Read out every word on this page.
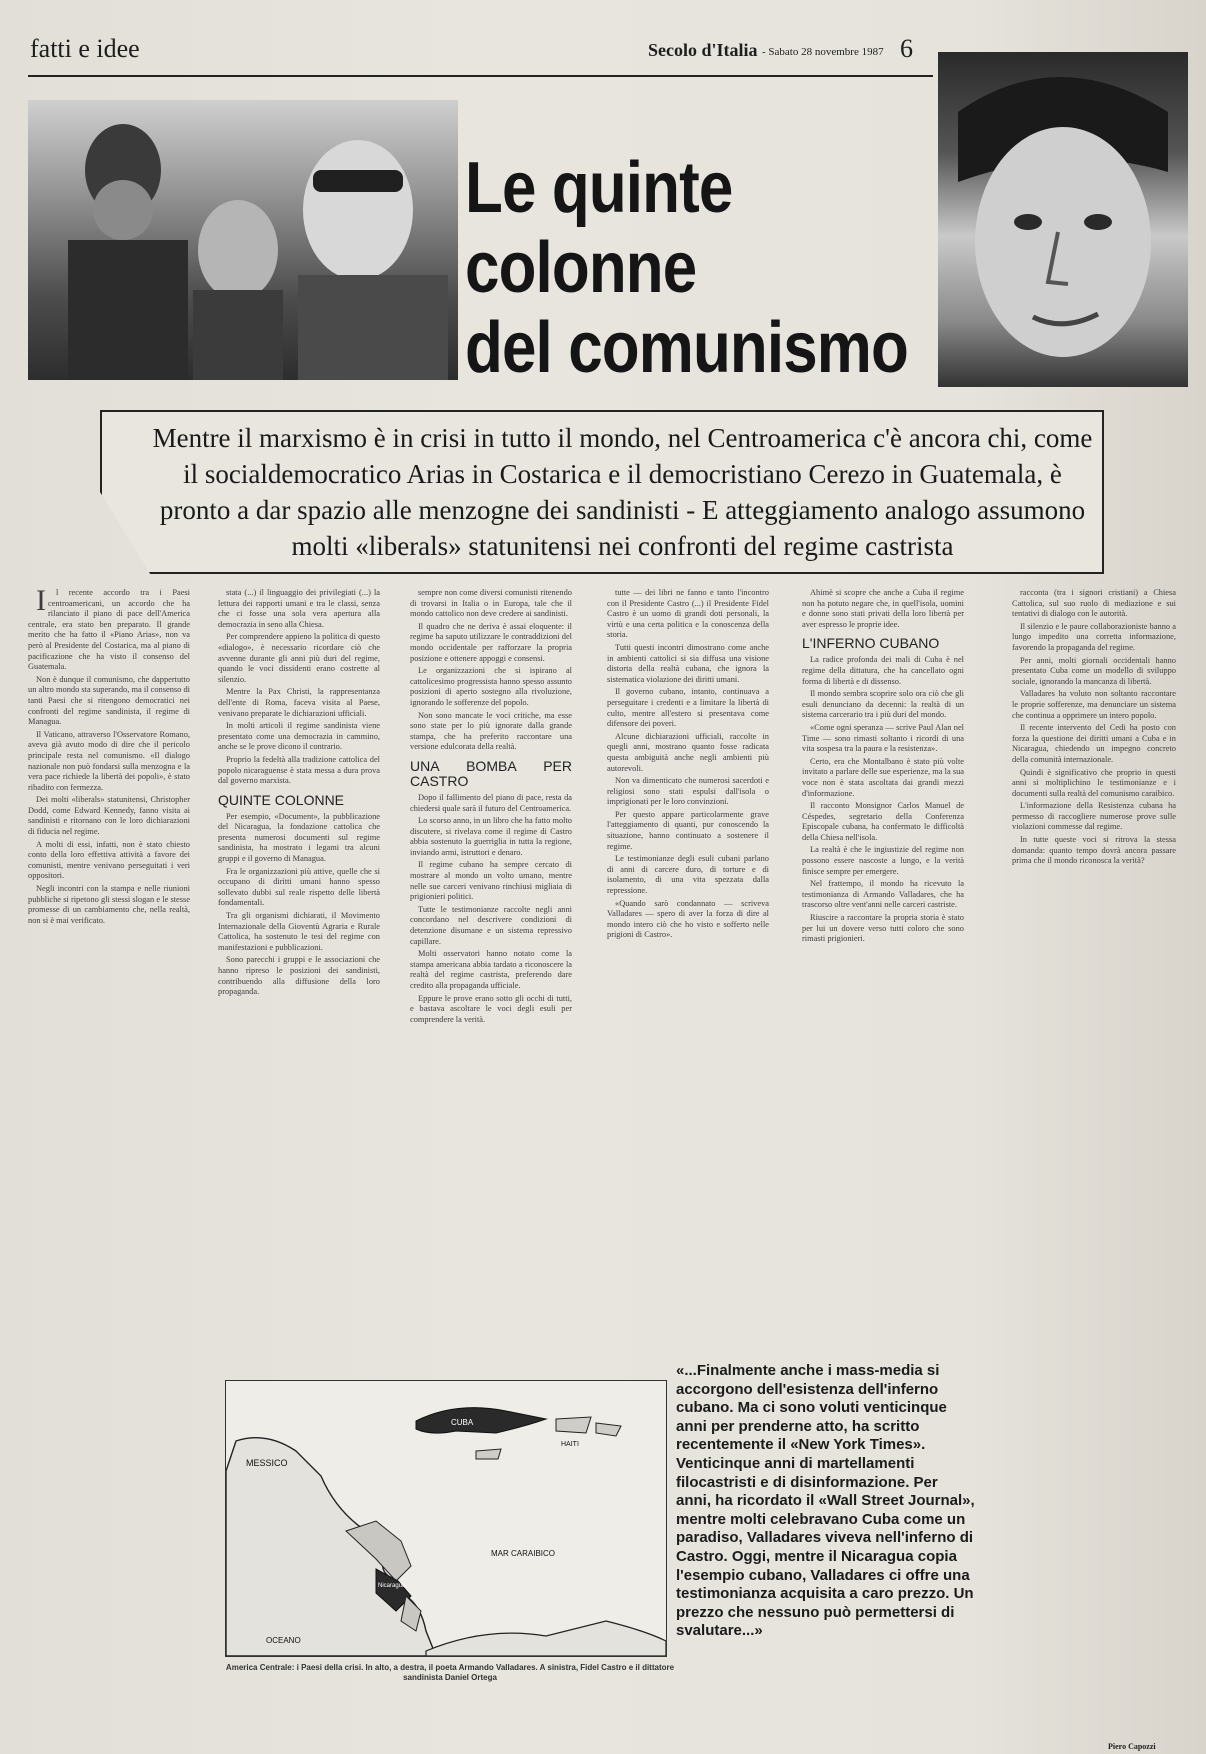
fatti e idee	Secolo d'Italia - Sabato 28 novembre 1987 6
Le quinte
colonne
del comunismo
Mentre il marxismo è in crisi in tutto il mondo, nel Centroamerica c'è ancora chi, come il socialdemocratico Arias in Costarica e il democristiano Cerezo in Guatemala, è pronto a dar spazio alle menzogne dei sandinisti - E atteggiamento analogo assumono molti «liberals» statunitensi nei confronti del regime castrista

I l recente accordo tra i Paesi centroamericani, un accordo che ha rilanciato il piano di pace dell'America centrale, era stato ben preparato. Il grande merito che ha fatto il «Piano Arias», non va però al Presidente del Costarica, ma al piano di pacificazione che ha visto il consenso del Guatemala.

Non è dunque il comunismo, che dappertutto un altro mondo sta superando, ma il consenso di tanti Paesi che si ritengono democratici nei confronti del regime sandinista, il regime di Managua.

Il Vaticano, attraverso l'Osservatore Romano, aveva già avuto modo di dire che il pericolo principale resta nel comunismo. «Il dialogo nazionale non può fondarsi sulla menzogna e la vera pace richiede la libertà dei popoli», è stato ribadito con fermezza.

Dei molti «liberals» statunitensi, Christopher Dodd, come Edward Kennedy, fanno visita ai sandinisti e ritornano con le loro dichiarazioni di fiducia nel regime.

A molti di essi, infatti, non è stato chiesto conto della loro effettiva attività a favore dei comunisti, mentre venivano perseguitati i veri oppositori.

Negli incontri con la stampa e nelle riunioni pubbliche si ripetono gli stessi slogan e le stesse promesse di un cambiamento che, nella realtà, non si è mai verificato.

stata (...) il linguaggio dei privilegiati (...) la lettura dei rapporti umani e tra le classi, senza che ci fosse una sola vera apertura alla democrazia in seno alla Chiesa.

Per comprendere appieno la politica di questo «dialogo», è necessario ricordare ciò che avvenne durante gli anni più duri del regime, quando le voci dissidenti erano costrette al silenzio.

Mentre la Pax Christi, la rappresentanza dell'ente di Roma, faceva visita al Paese, venivano preparate le dichiarazioni ufficiali.

In molti articoli il regime sandinista viene presentato come una democrazia in cammino, anche se le prove dicono il contrario.

Proprio la fedeltà alla tradizione cattolica del popolo nicaraguense è stata messa a dura prova dal governo marxista.

QUINTE COLONNE

Per esempio, «Document», la pubblicazione del Nicaragua, la fondazione cattolica che presenta numerosi documenti sul regime sandinista, ha mostrato i legami tra alcuni gruppi e il governo di Managua.

Fra le organizzazioni più attive, quelle che si occupano di diritti umani hanno spesso sollevato dubbi sul reale rispetto delle libertà fondamentali.

Tra gli organismi dichiarati, il Movimento Internazionale della Gioventù Agraria e Rurale Cattolica, ha sostenuto le tesi del regime con manifestazioni e pubblicazioni.

Sono parecchi i gruppi e le associazioni che hanno ripreso le posizioni dei sandinisti, contribuendo alla diffusione della loro propaganda.

sempre non come diversi comunisti ritenendo di trovarsi in Italia o in Europa, tale che il mondo cattolico non deve credere ai sandinisti.

Il quadro che ne deriva è assai eloquente: il regime ha saputo utilizzare le contraddizioni del mondo occidentale per rafforzare la propria posizione e ottenere appoggi e consensi.

Le organizzazioni che si ispirano al cattolicesimo progressista hanno spesso assunto posizioni di aperto sostegno alla rivoluzione, ignorando le sofferenze del popolo.

Non sono mancate le voci critiche, ma esse sono state per lo più ignorate dalla grande stampa, che ha preferito raccontare una versione edulcorata della realtà.

UNA BOMBA PER CASTRO

Dopo il fallimento del piano di pace, resta da chiedersi quale sarà il futuro del Centroamerica.

Lo scorso anno, in un libro che ha fatto molto discutere, si rivelava come il regime di Castro abbia sostenuto la guerriglia in tutta la regione, inviando armi, istruttori e denaro.

Il regime cubano ha sempre cercato di mostrare al mondo un volto umano, mentre nelle sue carceri venivano rinchiusi migliaia di prigionieri politici.

Tutte le testimonianze raccolte negli anni concordano nel descrivere condizioni di detenzione disumane e un sistema repressivo capillare.

Molti osservatori hanno notato come la stampa americana abbia tardato a riconoscere la realtà del regime castrista, preferendo dare credito alla propaganda ufficiale.

Eppure le prove erano sotto gli occhi di tutti, e bastava ascoltare le voci degli esuli per comprendere la verità.

tutte — dei libri ne fanno e tanto l'incontro con il Presidente Castro (...) il Presidente Fidel Castro è un uomo di grandi doti personali, la virtù e una certa politica e la conoscenza della storia.

Tutti questi incontri dimostrano come anche in ambienti cattolici si sia diffusa una visione distorta della realtà cubana, che ignora la sistematica violazione dei diritti umani.

Il governo cubano, intanto, continuava a perseguitare i credenti e a limitare la libertà di culto, mentre all'estero si presentava come difensore dei poveri.

Alcune dichiarazioni ufficiali, raccolte in quegli anni, mostrano quanto fosse radicata questa ambiguità anche negli ambienti più autorevoli.

Non va dimenticato che numerosi sacerdoti e religiosi sono stati espulsi dall'isola o imprigionati per le loro convinzioni.

Per questo appare particolarmente grave l'atteggiamento di quanti, pur conoscendo la situazione, hanno continuato a sostenere il regime.

Le testimonianze degli esuli cubani parlano di anni di carcere duro, di torture e di isolamento, di una vita spezzata dalla repressione.

«Quando sarò condannato — scriveva Valladares — spero di aver la forza di dire al mondo intero ciò che ho visto e sofferto nelle prigioni di Castro».

Ahimè si scopre che anche a Cuba il regime non ha potuto negare che, in quell'isola, uomini e donne sono stati privati della loro libertà per aver espresso le proprie idee.

L'INFERNO CUBANO

La radice profonda dei mali di Cuba è nel regime della dittatura, che ha cancellato ogni forma di libertà e di dissenso.

Il mondo sembra scoprire solo ora ciò che gli esuli denunciano da decenni: la realtà di un sistema carcerario tra i più duri del mondo.

«Come ogni speranza — scrive Paul Alan nel Time — sono rimasti soltanto i ricordi di una vita sospesa tra la paura e la resistenza».

Certo, era che Montalbano è stato più volte invitato a parlare delle sue esperienze, ma la sua voce non è stata ascoltata dai grandi mezzi d'informazione.

Il racconto Monsignor Carlos Manuel de Céspedes, segretario della Conferenza Episcopale cubana, ha confermato le difficoltà della Chiesa nell'isola.

La realtà è che le ingiustizie del regime non possono essere nascoste a lungo, e la verità finisce sempre per emergere.

Nel frattempo, il mondo ha ricevuto la testimonianza di Armando Valladares, che ha trascorso oltre vent'anni nelle carceri castriste.

Riuscire a raccontare la propria storia è stato per lui un dovere verso tutti coloro che sono rimasti prigionieri.

racconta (tra i signori cristiani) a Chiesa Cattolica, sul suo ruolo di mediazione e sui tentativi di dialogo con le autorità.

Il silenzio e le paure collaborazioniste hanno a lungo impedito una corretta informazione, favorendo la propaganda del regime.

Per anni, molti giornali occidentali hanno presentato Cuba come un modello di sviluppo sociale, ignorando la mancanza di libertà.

Valladares ha voluto non soltanto raccontare le proprie sofferenze, ma denunciare un sistema che continua a opprimere un intero popolo.

Il recente intervento del Cedi ha posto con forza la questione dei diritti umani a Cuba e in Nicaragua, chiedendo un impegno concreto della comunità internazionale.

Quindi è significativo che proprio in questi anni si moltiplichino le testimonianze e i documenti sulla realtà del comunismo caraibico.

L'informazione della Resistenza cubana ha permesso di raccogliere numerose prove sulle violazioni commesse dal regime.

In tutte queste voci si ritrova la stessa domanda: quanto tempo dovrà ancora passare prima che il mondo riconosca la verità?

MESSICO
CUBA
HAITI
MAR CARAIBICO
Nicaragua
OCEANO
America Centrale: i Paesi della crisi. In alto, a destra, il poeta Armando Valladares. A sinistra, Fidel Castro e il dittatore sandinista Daniel Ortega
«...Finalmente anche i mass-media si accorgono dell'esistenza dell'inferno cubano. Ma ci sono voluti venticinque anni per prenderne atto, ha scritto recentemente il «New York Times». Venticinque anni di martellamenti filocastristi e di disinformazione. Per anni, ha ricordato il «Wall Street Journal», mentre molti celebravano Cuba come un paradiso, Valladares viveva nell'inferno di Castro. Oggi, mentre il Nicaragua copia l'esempio cubano, Valladares ci offre una testimonianza acquisita a caro prezzo. Un prezzo che nessuno può permettersi di svalutare...»
Piero Capozzi
